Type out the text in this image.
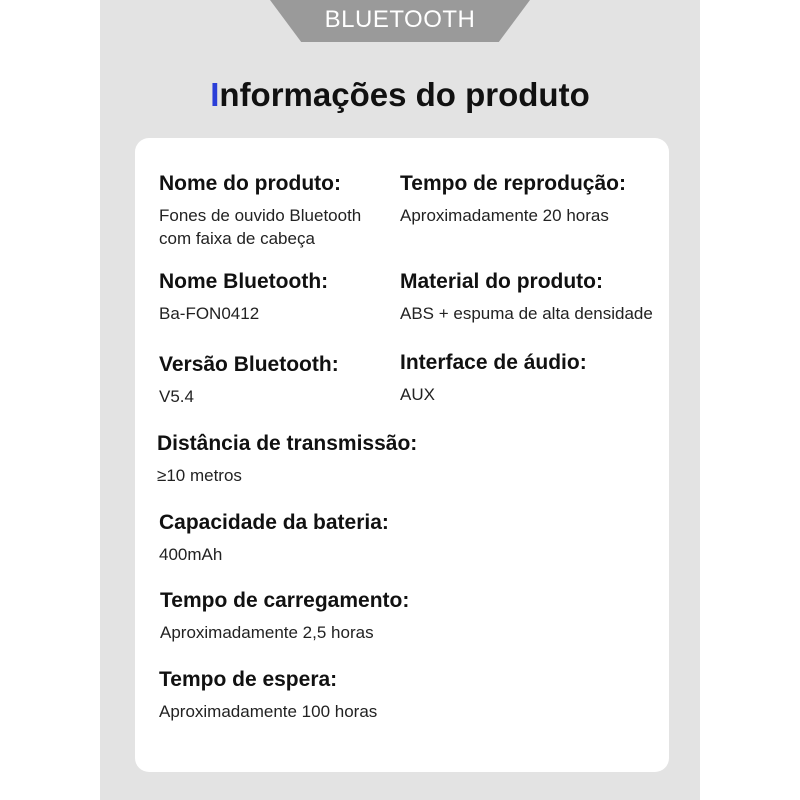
BLUETOOTH
Informações do produto
Nome do produto:
Fones de ouvido Bluetooth
com faixa de cabeça
Tempo de reprodução:
Aproximadamente 20 horas
Nome Bluetooth:
Ba-FON0412
Material do produto:
ABS + espuma de alta densidade
Versão Bluetooth:
V5.4
Interface de áudio:
AUX
Distância de transmissão:
≥10 metros
Capacidade da bateria:
400mAh
Tempo de carregamento:
Aproximadamente 2,5 horas
Tempo de espera:
Aproximadamente 100 horas
